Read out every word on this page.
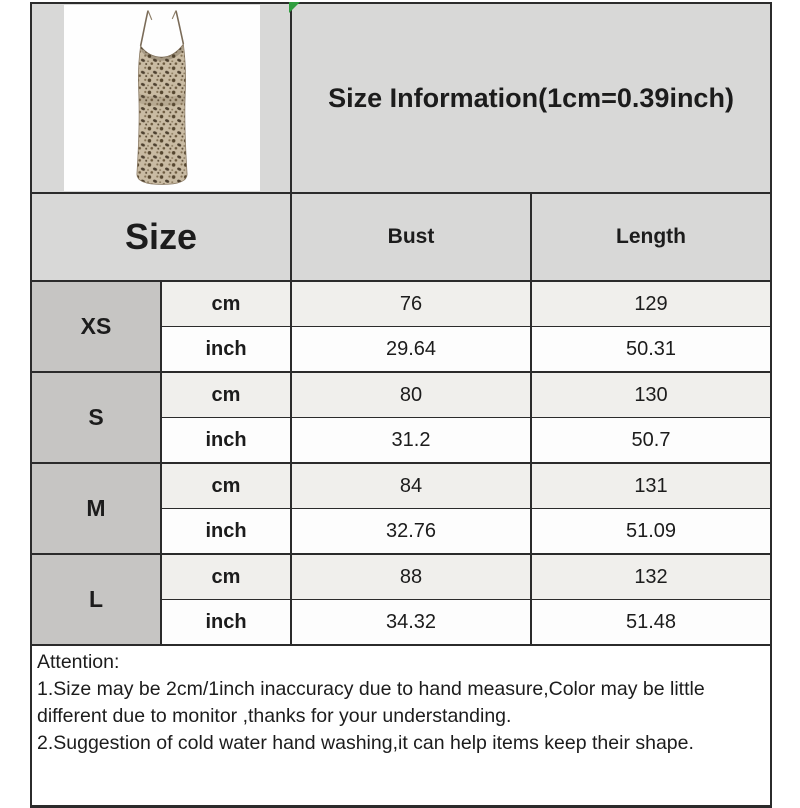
	Size Information(1cm=0.39inch)	
Size		Bust	Length
XS	cm	76	129
	inch	29.64	50.31
S	cm	80	130
	inch	31.2	50.7
M	cm	84	131
	inch	32.76	51.09
L	cm	88	132
	inch	34.32	51.48

Attention:
1.Size may be 2cm/1inch inaccuracy due to hand measure,Color may be little different due to monitor ,thanks for your understanding.
2.Suggestion of cold water hand washing,it can help items keep their shape.			
